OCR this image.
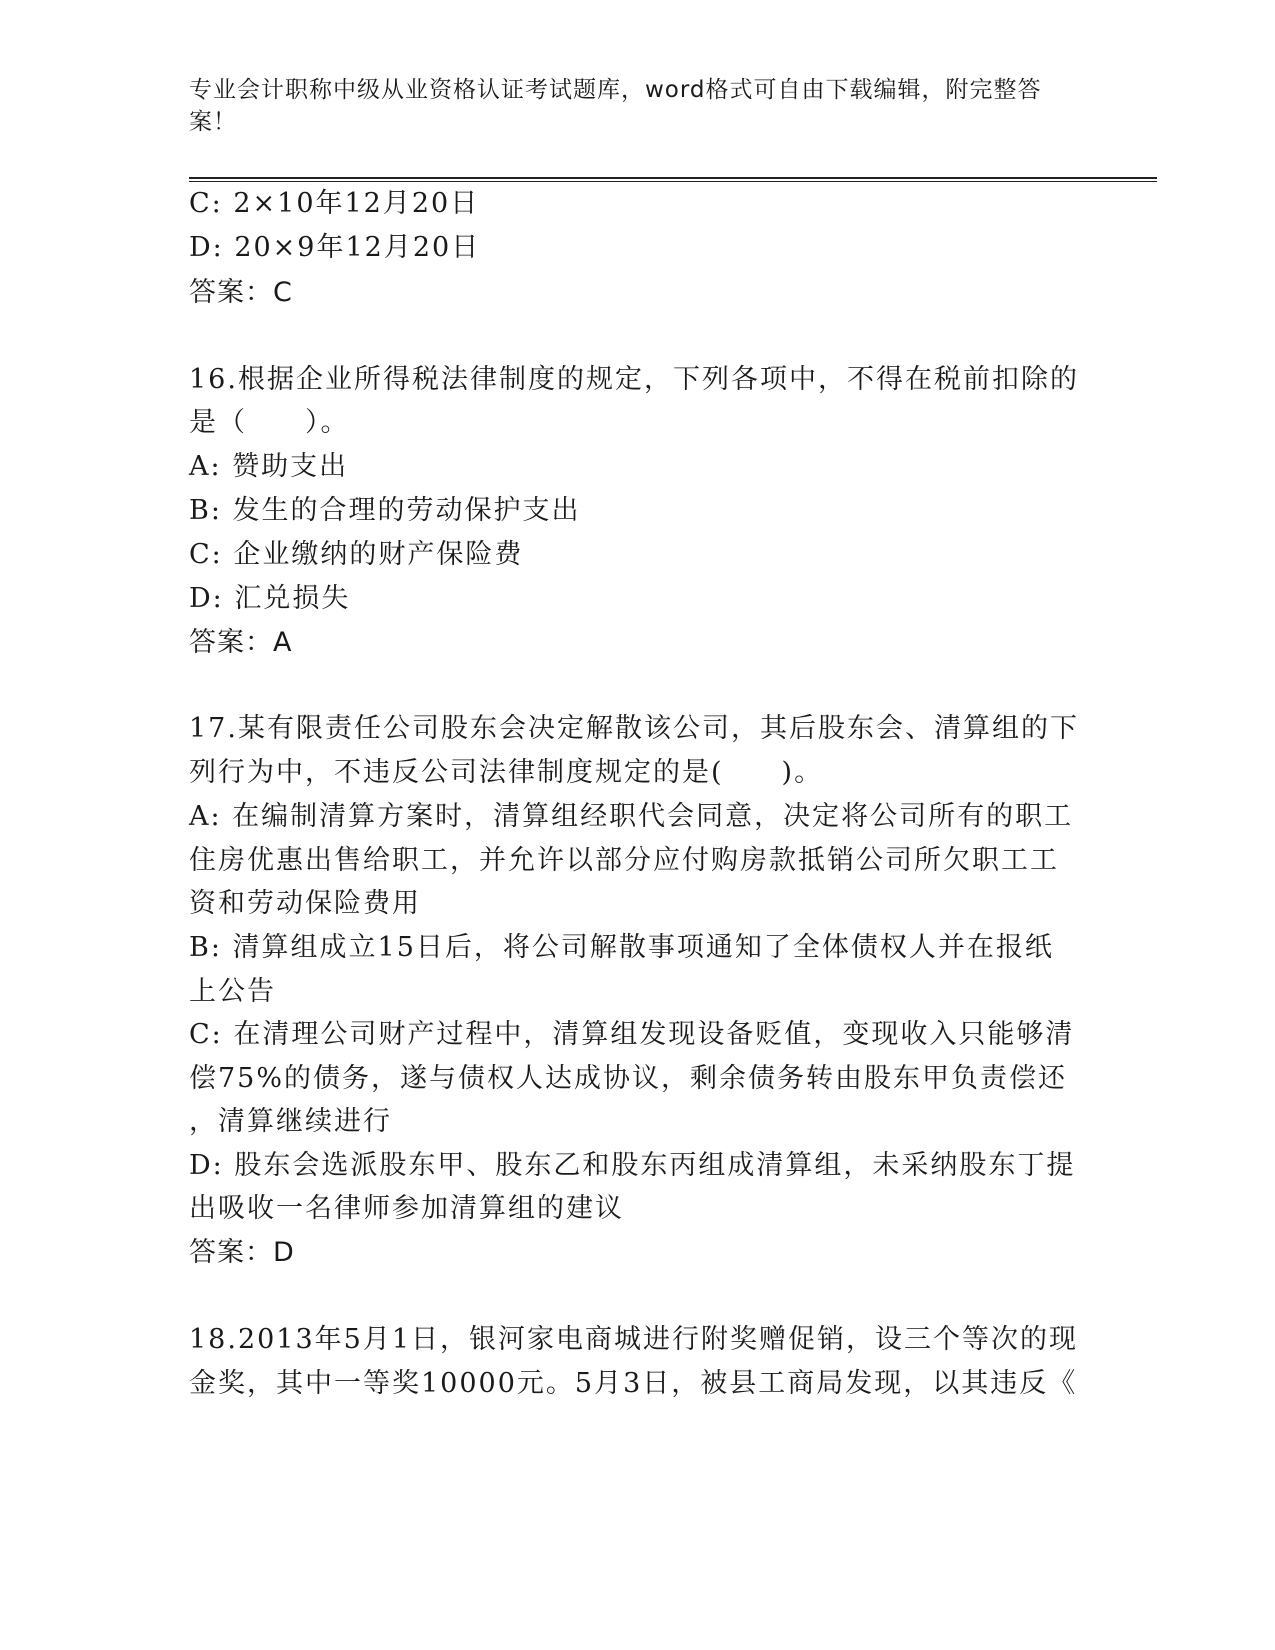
专业会计职称中级从业资格认证考试题库，word格式可自由下载编辑，附完整答案！
C: 2×10年12月20日
D: 20×9年12月20日
答案：C
16.根据企业所得税法律制度的规定，下列各项中，不得在税前扣除的
是（　　）。
A: 赞助支出
B: 发生的合理的劳动保护支出
C: 企业缴纳的财产保险费
D: 汇兑损失
答案：A
17.某有限责任公司股东会决定解散该公司，其后股东会、清算组的下
列行为中，不违反公司法律制度规定的是(　　)。
A: 在编制清算方案时，清算组经职代会同意，决定将公司所有的职工
住房优惠出售给职工，并允许以部分应付购房款抵销公司所欠职工工
资和劳动保险费用
B: 清算组成立15日后，将公司解散事项通知了全体债权人并在报纸
上公告
C: 在清理公司财产过程中，清算组发现设备贬值，变现收入只能够清
偿75%的债务，遂与债权人达成协议，剩余债务转由股东甲负责偿还
，清算继续进行
D: 股东会选派股东甲、股东乙和股东丙组成清算组，未采纳股东丁提
出吸收一名律师参加清算组的建议
答案：D
18.2013年5月1日，银河家电商城进行附奖赠促销，设三个等次的现
金奖，其中一等奖10000元。5月3日，被县工商局发现，以其违反《
